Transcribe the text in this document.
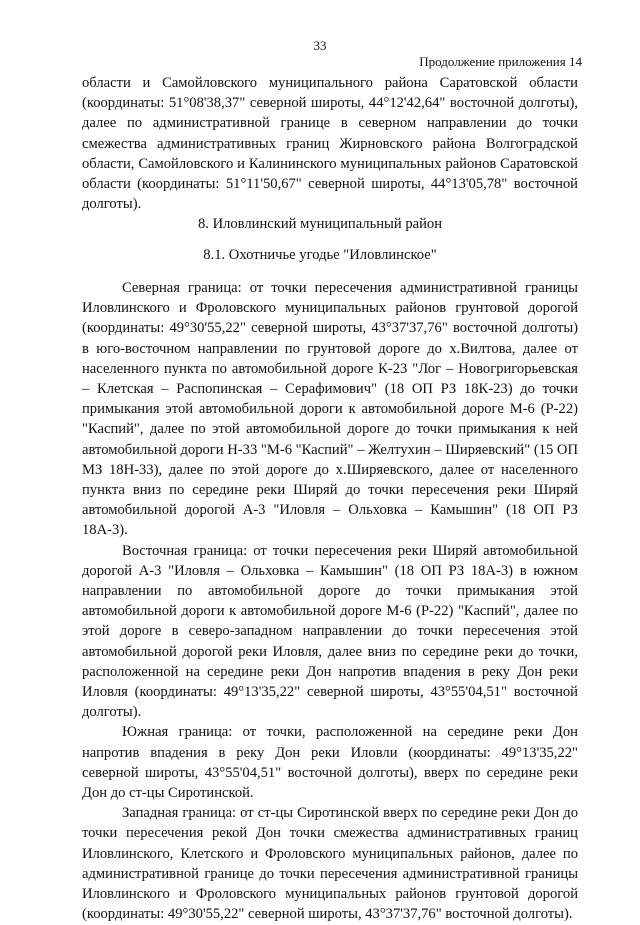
33
Продолжение приложения 14

области и Самойловского муниципального района Саратовской области (координаты: 51°08'38,37" северной широты, 44°12'42,64" восточной долготы), далее по административной границе в северном направлении до точки смежества административных границ Жирновского района Волгоградской области, Самойловского и Калининского муниципальных районов Саратовской области (координаты: 51°11'50,67" северной широты, 44°13'05,78" восточной долготы).

8. Иловлинский муниципальный район

8.1. Охотничье угодье "Иловлинское"

Северная граница: от точки пересечения административной границы Иловлинского и Фроловского муниципальных районов грунтовой дорогой (координаты: 49°30'55,22" северной широты, 43°37'37,76" восточной долготы) в юго-восточном направлении по грунтовой дороге до х.Вилтова, далее от населенного пункта по автомобильной дороге К-23 "Лог – Новогригорьевская – Клетская – Распопинская – Серафимович" (18 ОП РЗ 18К-23) до точки примыкания этой автомобильной дороги к автомобильной дороге М-6 (Р-22) "Каспий", далее по этой автомобильной дороге до точки примыкания к ней автомобильной дороги Н-33 "М-6 "Каспий" – Желтухин – Ширяевский" (15 ОП МЗ 18Н-33), далее по этой дороге до х.Ширяевского, далее от населенного пункта вниз по середине реки Ширяй до точки пересечения реки Ширяй автомобильной дорогой А-3 "Иловля – Ольховка – Камышин" (18 ОП РЗ 18А-3).

Восточная граница: от точки пересечения реки Ширяй автомобильной дорогой А-3 "Иловля – Ольховка – Камышин" (18 ОП РЗ 18А-3) в южном направлении по автомобильной дороге до точки примыкания этой автомобильной дороги к автомобильной дороге М-6 (Р-22) "Каспий", далее по этой дороге в северо-западном направлении до точки пересечения этой автомобильной дорогой реки Иловля, далее вниз по середине реки до точки, расположенной на середине реки Дон напротив впадения в реку Дон реки Иловля (координаты: 49°13'35,22" северной широты, 43°55'04,51" восточной долготы).

Южная граница: от точки, расположенной на середине реки Дон напротив впадения в реку Дон реки Иловли (координаты: 49°13'35,22" северной широты, 43°55'04,51" восточной долготы), вверх по середине реки Дон до ст-цы Сиротинской.

Западная граница: от ст-цы Сиротинской вверх по середине реки Дон до точки пересечения рекой Дон точки смежества административных границ Иловлинского, Клетского и Фроловского муниципальных районов, далее по административной границе до точки пересечения административной границы Иловлинского и Фроловского муниципальных районов грунтовой дорогой (координаты: 49°30'55,22" северной широты, 43°37'37,76" восточной долготы).
